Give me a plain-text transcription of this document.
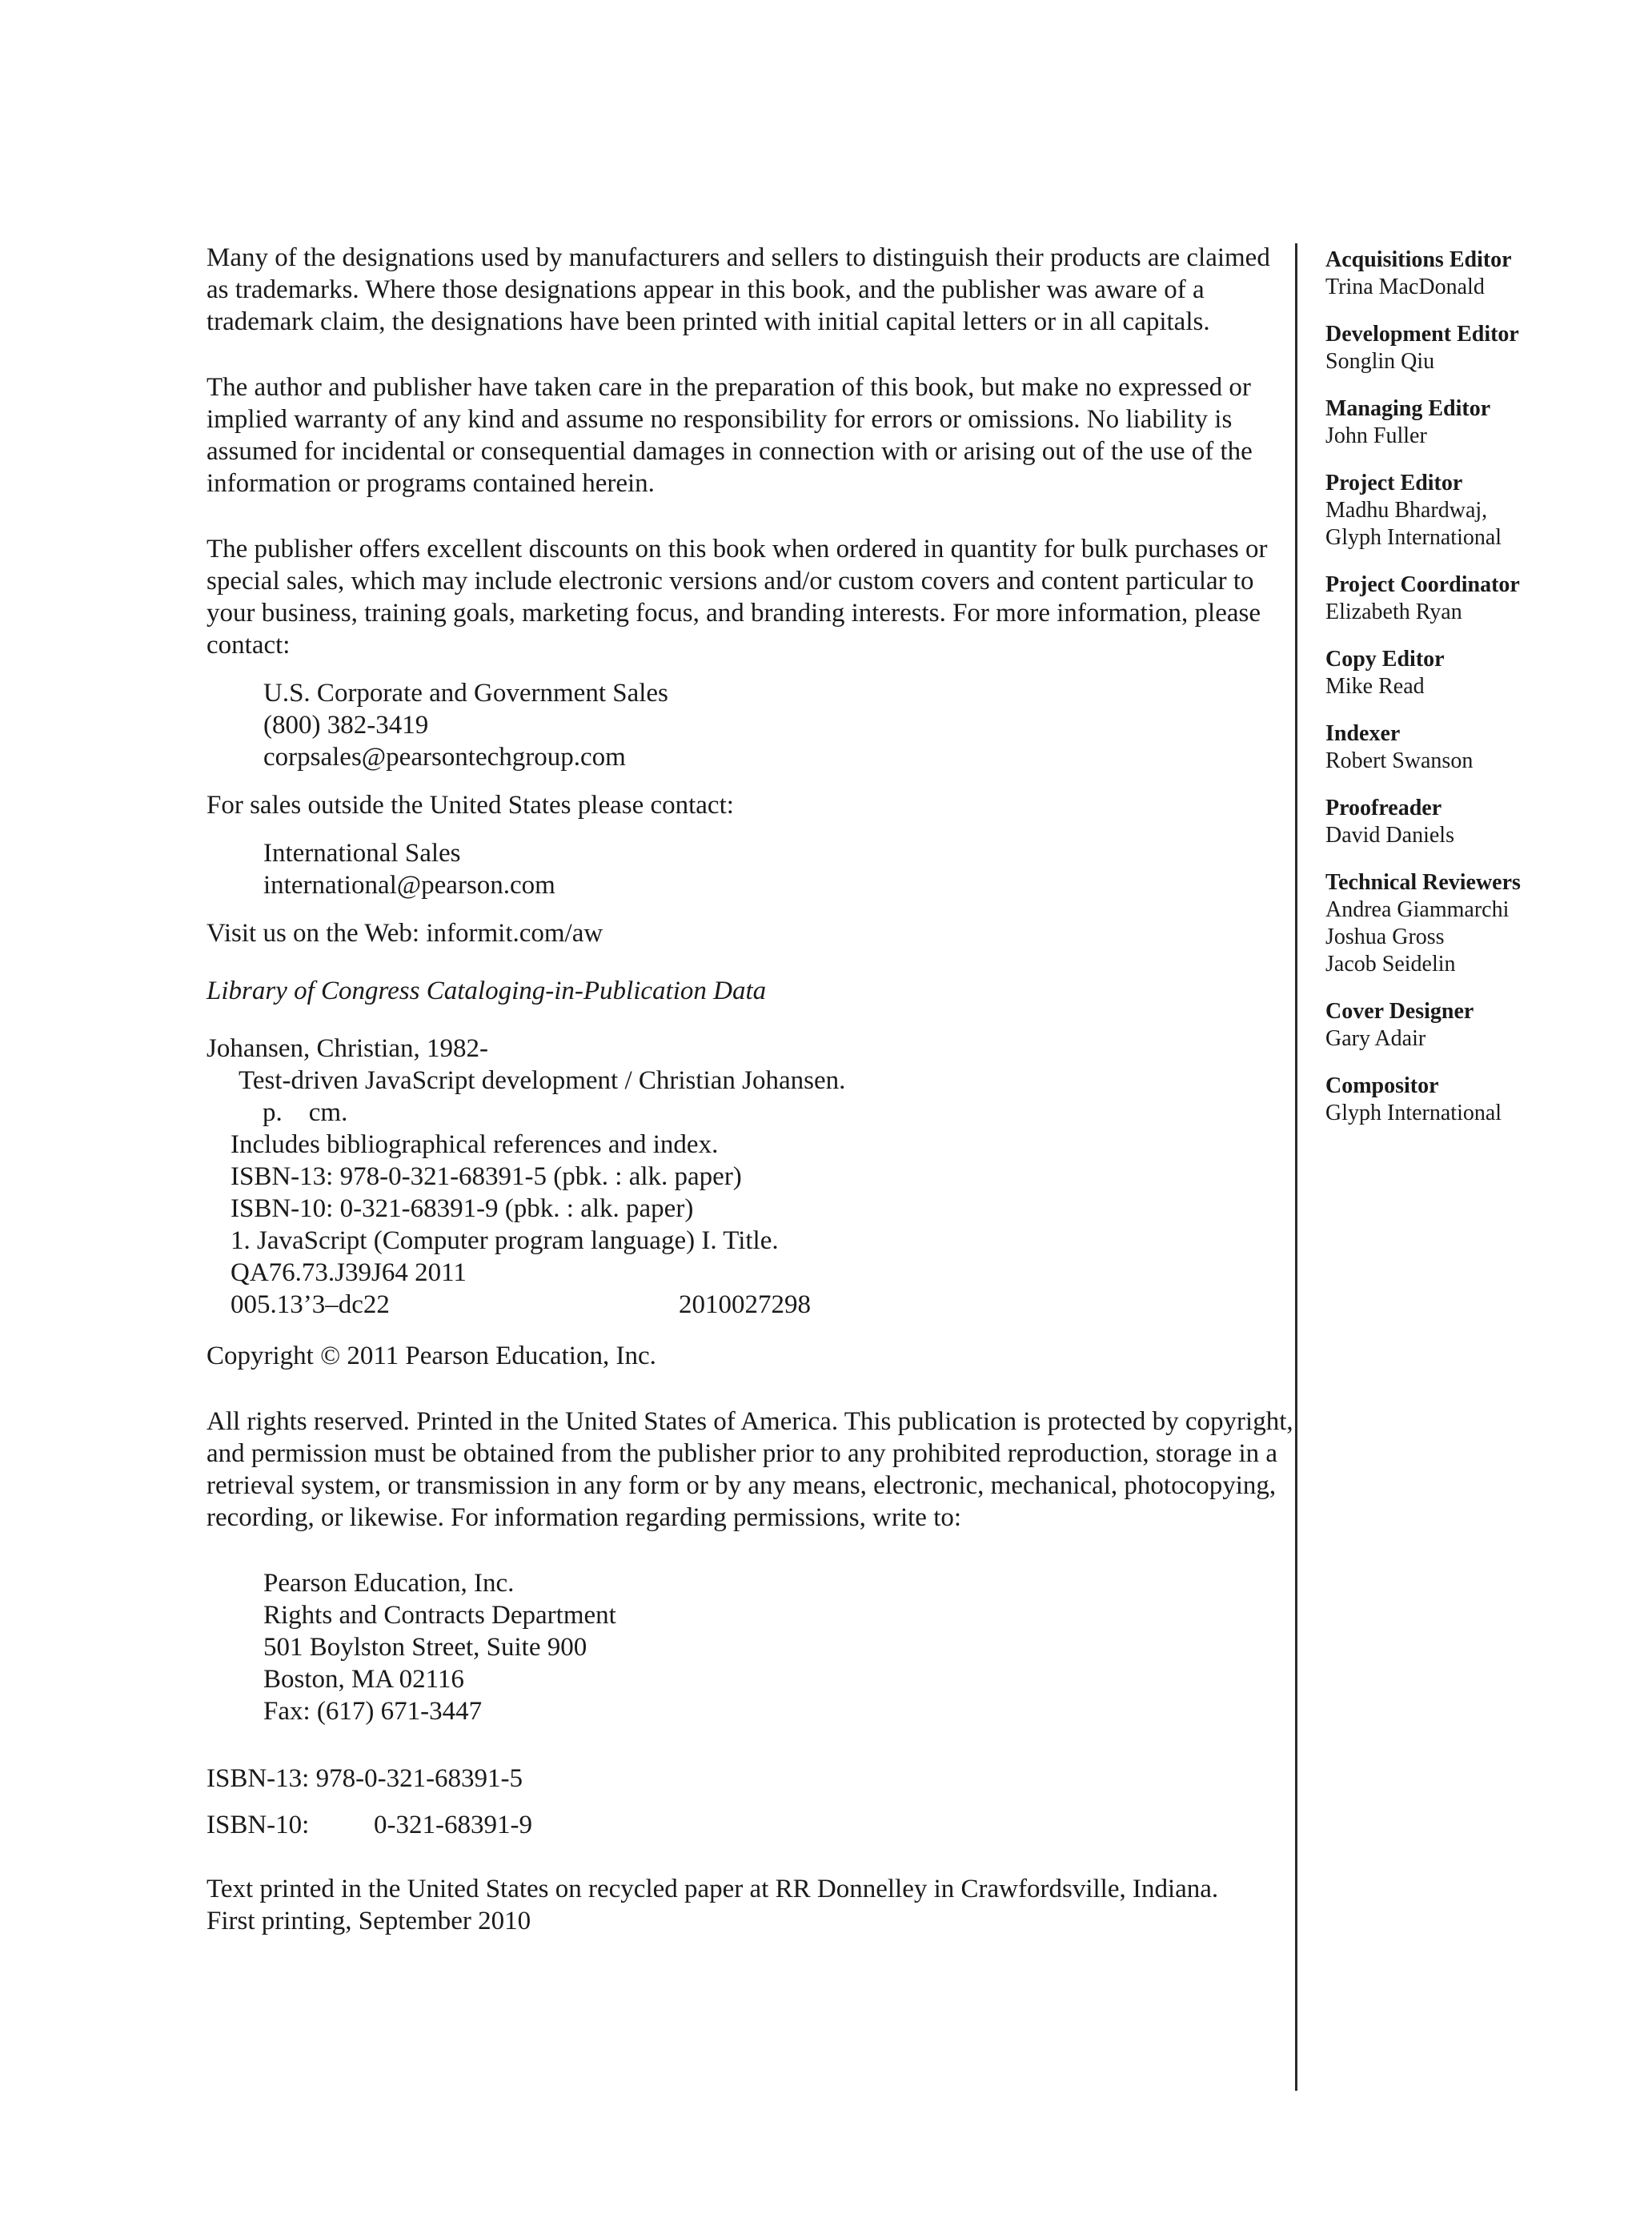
Many of the designations used by manufacturers and sellers to distinguish their products are claimed as trademarks. Where those designations appear in this book, and the publisher was aware of a trademark claim, the designations have been printed with initial capital letters or in all capitals.

The author and publisher have taken care in the preparation of this book, but make no expressed or implied warranty of any kind and assume no responsibility for errors or omissions. No liability is assumed for incidental or consequential damages in connection with or arising out of the use of the information or programs contained herein.

The publisher offers excellent discounts on this book when ordered in quantity for bulk purchases or special sales, which may include electronic versions and/or custom covers and content particular to your business, training goals, marketing focus, and branding interests. For more information, please contact:

U.S. Corporate and Government Sales
(800) 382-3419
corpsales@pearsontechgroup.com

For sales outside the United States please contact:

International Sales
international@pearson.com

Visit us on the Web: informit.com/aw

Library of Congress Cataloging-in-Publication Data

Johansen, Christian, 1982-
Test-driven JavaScript development / Christian Johansen.
p.    cm.
Includes bibliographical references and index.
ISBN-13: 978-0-321-68391-5 (pbk. : alk. paper)
ISBN-10: 0-321-68391-9 (pbk. : alk. paper)
1. JavaScript (Computer program language) I. Title.
QA76.73.J39J64 2011
005.13’3–dc22	2010027298

Copyright © 2011 Pearson Education, Inc.

All rights reserved. Printed in the United States of America. This publication is protected by copyright, and permission must be obtained from the publisher prior to any prohibited reproduction, storage in a retrieval system, or transmission in any form or by any means, electronic, mechanical, photocopying, recording, or likewise. For information regarding permissions, write to:

Pearson Education, Inc.
Rights and Contracts Department
501 Boylston Street, Suite 900
Boston, MA 02116
Fax: (617) 671-3447

ISBN-13: 978-0-321-68391-5

ISBN-10:	0-321-68391-9

Text printed in the United States on recycled paper at RR Donnelley in Crawfordsville, Indiana.

First printing, September 2010

Acquisitions Editor
Trina MacDonald
Development Editor
Songlin Qiu
Managing Editor
John Fuller
Project Editor
Madhu Bhardwaj,
Glyph International
Project Coordinator
Elizabeth Ryan
Copy Editor
Mike Read
Indexer
Robert Swanson
Proofreader
David Daniels
Technical Reviewers
Andrea Giammarchi
Joshua Gross
Jacob Seidelin
Cover Designer
Gary Adair
Compositor
Glyph International
